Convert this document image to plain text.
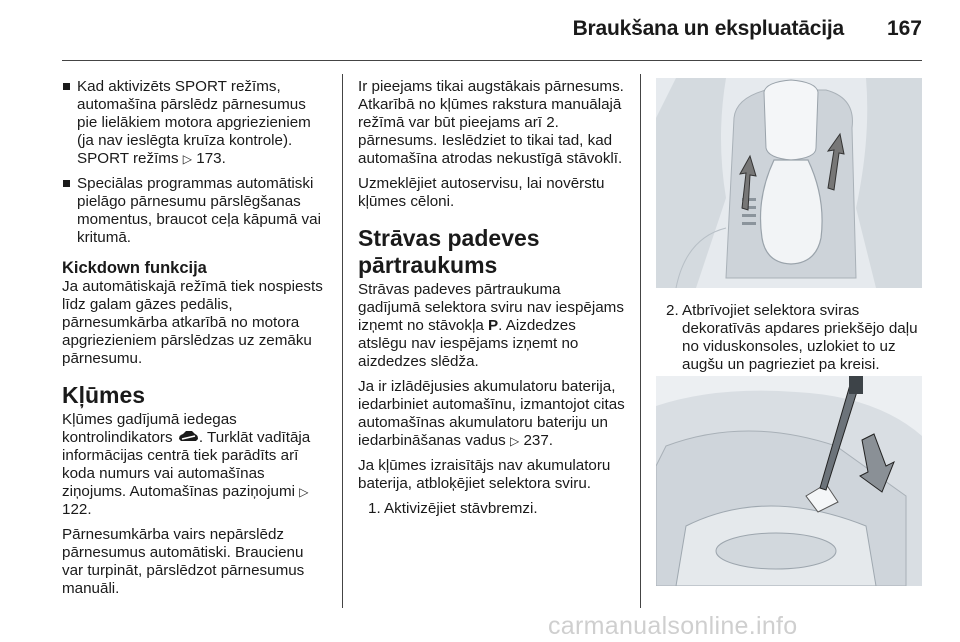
Braukšana un ekspluatācija 167
Kad aktivizēts SPORT režīms, automašīna pārslēdz pārnesumus pie lielākiem motora apgriezieniem (ja nav ieslēgta kruīza kontrole). SPORT režīms ▷ 173.
Speciālas programmas automātiski pielāgo pārnesumu pārslēgšanas momentus, braucot ceļa kāpumā vai kritumā.
Kickdown funkcija

Ja automātiskajā režīmā tiek nospiests līdz galam gāzes pedālis, pārnesumkārba atkarībā no motora apgriezieniem pārslēdzas uz zemāku pārnesumu.

Kļūmes

Kļūmes gadījumā iedegas kontrolindikators . Turklāt vadītāja informācijas centrā tiek parādīts arī koda numurs vai automašīnas ziņojums. Automašīnas paziņojumi ▷ 122.

Pārnesumkārba vairs nepārslēdz pārnesumus automātiski. Braucienu var turpināt, pārslēdzot pārnesumus manuāli.

Ir pieejams tikai augstākais pārnesums. Atkarībā no kļūmes rakstura manuālajā režīmā var būt pieejams arī 2. pārnesums. Ieslēdziet to tikai tad, kad automašīna atrodas nekustīgā stāvoklī.

Uzmeklējiet autoservisu, lai novērstu kļūmes cēloni.

Strāvas padeves pārtraukums

Strāvas padeves pārtraukuma gadījumā selektora sviru nav iespējams izņemt no stāvokļa P. Aizdedzes atslēgu nav iespējams izņemt no aizdedzes slēdža.

Ja ir izlādējusies akumulatoru baterija, iedarbiniet automašīnu, izmantojot citas automašīnas akumulatoru bateriju un iedarbināšanas vadus ▷ 237.

Ja kļūmes izraisītājs nav akumulatoru baterija, atbloķējiet selektora sviru.

1. Aktivizējiet stāvbremzi.
2. Atbrīvojiet selektora sviras dekoratīvās apdares priekšējo daļu no viduskonsoles, uzlokiet to uz augšu un pagrieziet pa kreisi.
carmanualsonline.info
